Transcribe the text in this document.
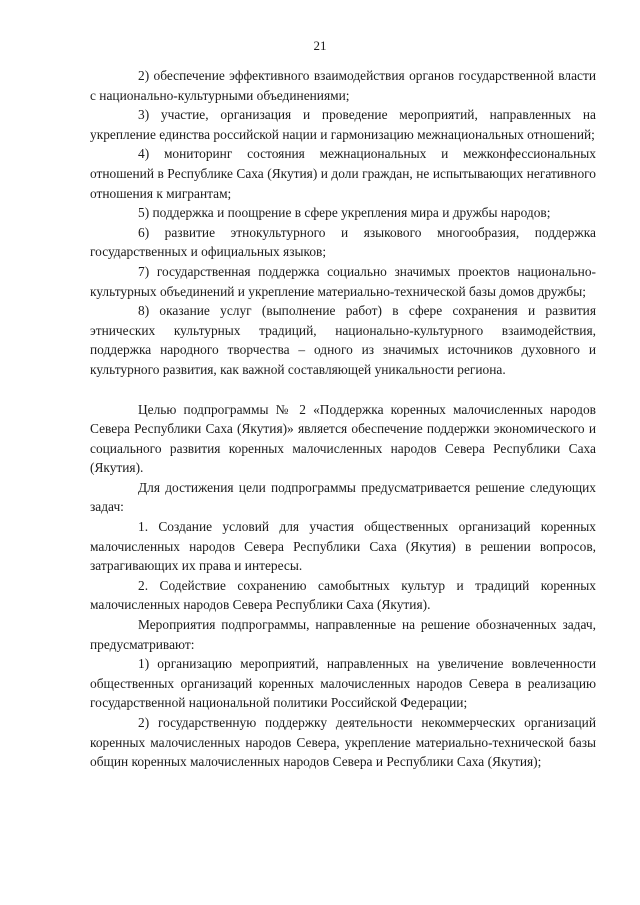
21

2) обеспечение эффективного взаимодействия органов государственной власти с национально-культурными объединениями;

3) участие, организация и проведение мероприятий, направленных на укрепление единства российской нации и гармонизацию межнациональных отношений;

4) мониторинг состояния межнациональных и межконфессиональных отношений в Республике Саха (Якутия) и доли граждан, не испытывающих негативного отношения к мигрантам;

5) поддержка и поощрение в сфере укрепления мира и дружбы народов;

6) развитие этнокультурного и языкового многообразия, поддержка государственных и официальных языков;

7) государственная поддержка социально значимых проектов национально-культурных объединений и укрепление материально-технической базы домов дружбы;

8) оказание услуг (выполнение работ) в сфере сохранения и развития этнических культурных традиций, национально-культурного взаимодействия, поддержка народного творчества – одного из значимых источников духовного и культурного развития, как важной составляющей уникальности региона.

Целью подпрограммы № 2 «Поддержка коренных малочисленных народов Севера Республики Саха (Якутия)» является обеспечение поддержки экономического и социального развития коренных малочисленных народов Севера Республики Саха (Якутия).

Для достижения цели подпрограммы предусматривается решение следующих задач:

1. Создание условий для участия общественных организаций коренных малочисленных народов Севера Республики Саха (Якутия) в решении вопросов, затрагивающих их права и интересы.

2. Содействие сохранению самобытных культур и традиций коренных малочисленных народов Севера Республики Саха (Якутия).

Мероприятия подпрограммы, направленные на решение обозначенных задач, предусматривают:

1) организацию мероприятий, направленных на увеличение вовлеченности общественных организаций коренных малочисленных народов Севера в реализацию государственной национальной политики Российской Федерации;

2) государственную поддержку деятельности некоммерческих организаций коренных малочисленных народов Севера, укрепление материально-технической базы общин коренных малочисленных народов Севера и Республики Саха (Якутия);
